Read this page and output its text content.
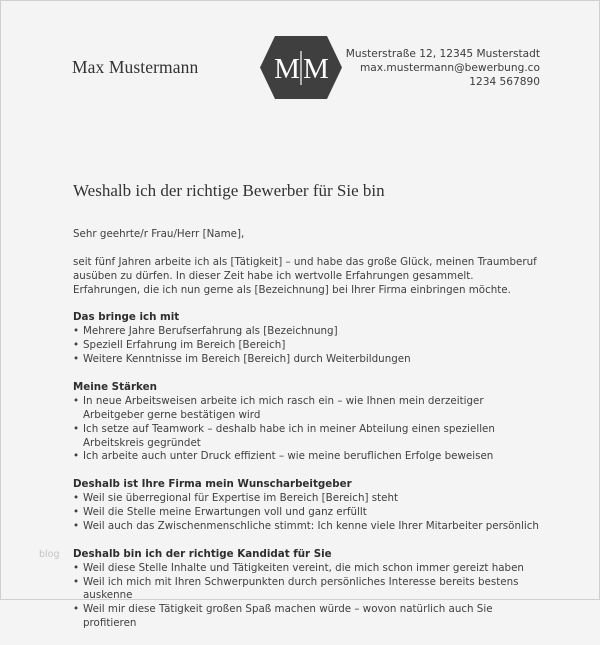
Max Mustermann	M M Musterstraße 12, 12345 Musterstadt
max.mustermann@bewerbung.co
1234 567890
Weshalb ich der richtige Bewerber für Sie bin

Sehr geehrte/r Frau/Herr [Name],

seit fünf Jahren arbeite ich als [Tätigkeit] – und habe das große Glück, meinen Traumberuf ausüben zu dürfen. In dieser Zeit habe ich wertvolle Erfahrungen gesammelt. Erfahrungen, die ich nun gerne als [Bezeichnung] bei Ihrer Firma einbringen möchte.

Das bringe ich mit
• Mehrere Jahre Berufserfahrung als [Bezeichnung]
• Speziell Erfahrung im Bereich [Bereich]
• Weitere Kenntnisse im Bereich [Bereich] durch Weiterbildungen
Meine Stärken
• In neue Arbeitsweisen arbeite ich mich rasch ein – wie Ihnen mein derzeitiger Arbeitgeber gerne bestätigen wird
• Ich setze auf Teamwork – deshalb habe ich in meiner Abteilung einen speziellen Arbeitskreis gegründet
• Ich arbeite auch unter Druck effizient – wie meine beruflichen Erfolge beweisen
Deshalb ist Ihre Firma mein Wunscharbeitgeber
• Weil sie überregional für Expertise im Bereich [Bereich] steht
• Weil die Stelle meine Erwartungen voll und ganz erfüllt
• Weil auch das Zwischenmenschliche stimmt: Ich kenne viele Ihrer Mitarbeiter persönlich
Deshalb bin ich der richtige Kandidat für Sie
• Weil diese Stelle Inhalte und Tätigkeiten vereint, die mich schon immer gereizt haben
• Weil ich mich mit Ihren Schwerpunkten durch persönliches Interesse bereits bestens auskenne
• Weil mir diese Tätigkeit großen Spaß machen würde – wovon natürlich auch Sie profitieren
blog
